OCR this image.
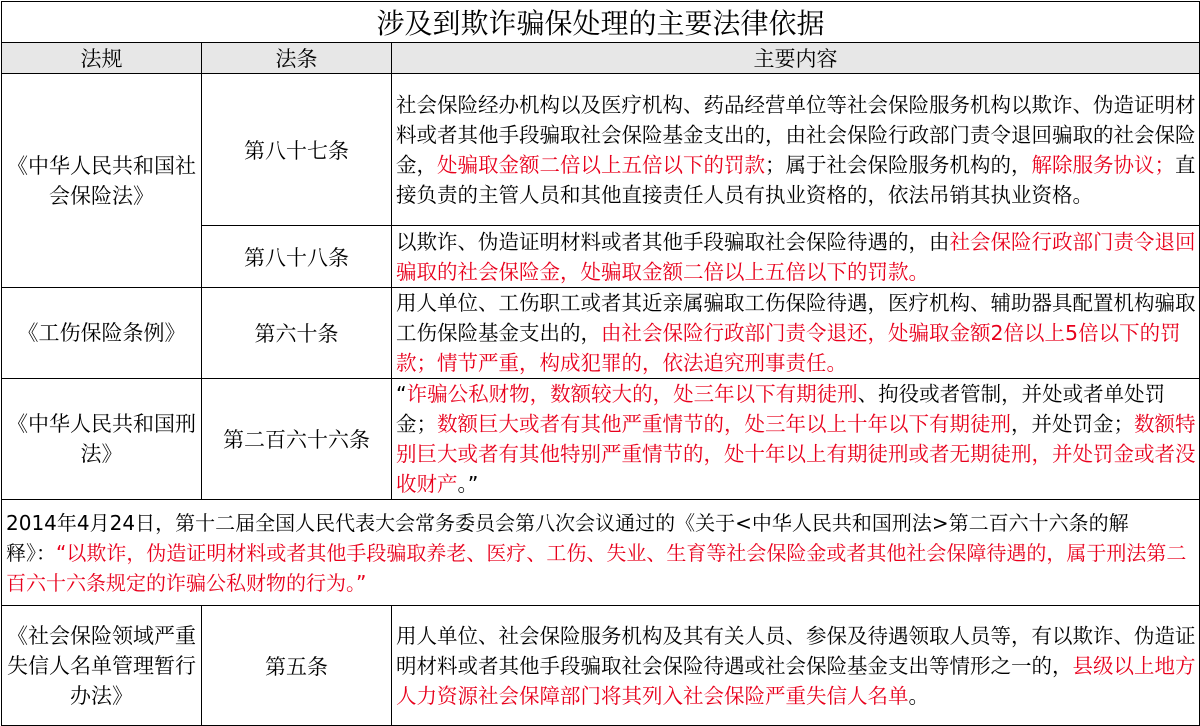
涉及到欺诈骗保处理的主要法律依据		
法规	法条	主要内容
《中华人民共和国社会保险法》	第八十七条	社会保险经办机构以及医疗机构、药品经营单位等社会保险服务机构以欺诈、伪造证明材料或者其他手段骗取社会保险基金支出的，由社会保险行政部门责令退回骗取的社会保险金，处骗取金额二倍以上五倍以下的罚款；属于社会保险服务机构的，解除服务协议；直接负责的主管人员和其他直接责任人员有执业资格的，依法吊销其执业资格。
	第八十八条	以欺诈、伪造证明材料或者其他手段骗取社会保险待遇的，由社会保险行政部门责令退回骗取的社会保险金，处骗取金额二倍以上五倍以下的罚款。
《工伤保险条例》	第六十条	用人单位、工伤职工或者其近亲属骗取工伤保险待遇，医疗机构、辅助器具配置机构骗取工伤保险基金支出的，由社会保险行政部门责令退还，处骗取金额2倍以上5倍以下的罚款；情节严重，构成犯罪的，依法追究刑事责任。
《中华人民共和国刑法》	第二百六十六条	“诈骗公私财物，数额较大的，处三年以下有期徒刑、拘役或者管制，并处或者单处罚金；数额巨大或者有其他严重情节的，处三年以上十年以下有期徒刑，并处罚金；数额特别巨大或者有其他特别严重情节的，处十年以上有期徒刑或者无期徒刑，并处罚金或者没收财产。”
2014年4月24日，第十二届全国人民代表大会常务委员会第八次会议通过的《关于<中华人民共和国刑法>第二百六十六条的解释》：“以欺诈，伪造证明材料或者其他手段骗取养老、医疗、工伤、失业、生育等社会保险金或者其他社会保障待遇的，属于刑法第二百六十六条规定的诈骗公私财物的行为。”		
《社会保险领域严重失信人名单管理暂行办法》	第五条	用人单位、社会保险服务机构及其有关人员、参保及待遇领取人员等，有以欺诈、伪造证明材料或者其他手段骗取社会保险待遇或社会保险基金支出等情形之一的，县级以上地方人力资源社会保障部门将其列入社会保险严重失信人名单。
